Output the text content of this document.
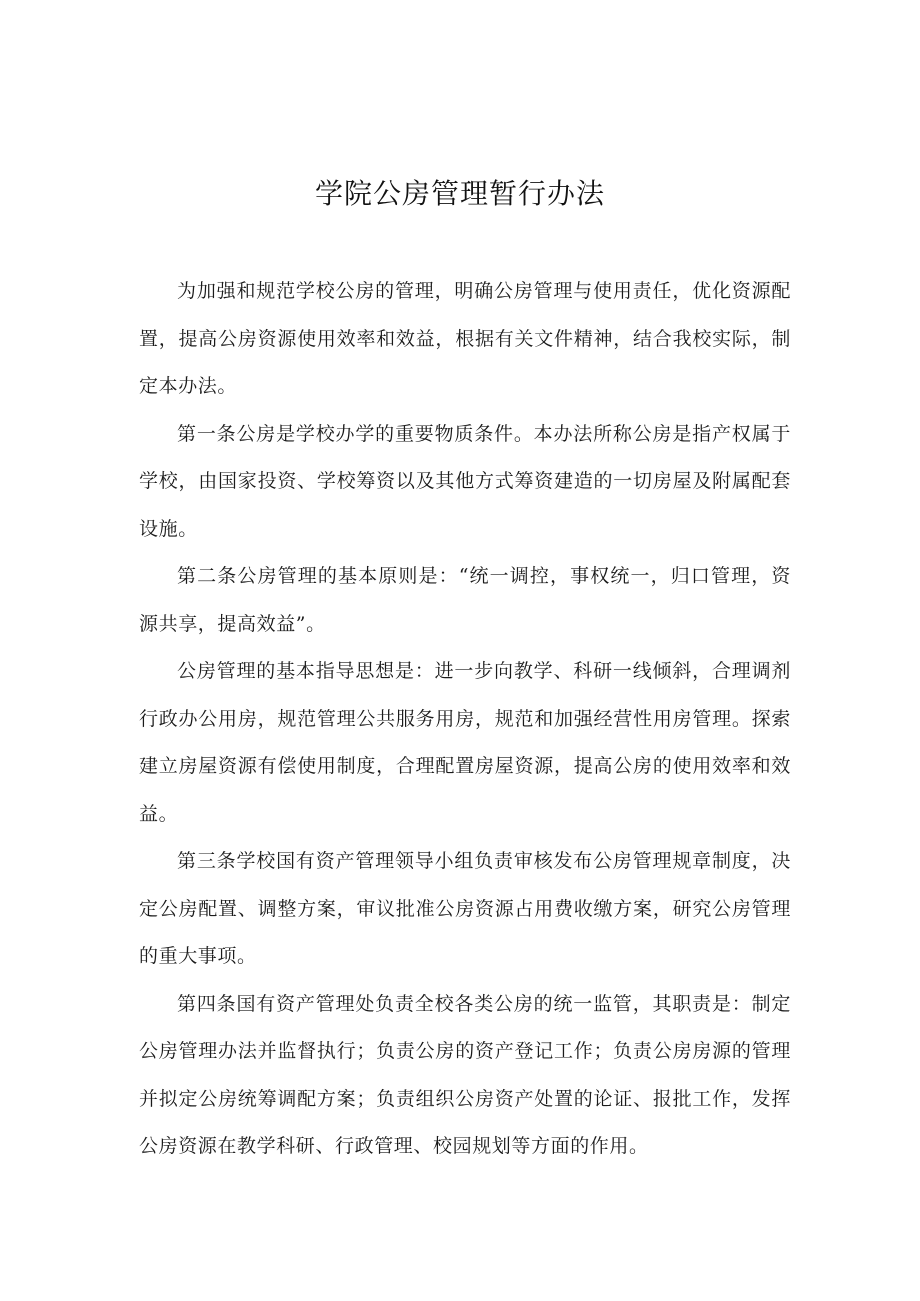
学院公房管理暂行办法

为加强和规范学校公房的管理，明确公房管理与使用责任，优化资源配置，提高公房资源使用效率和效益，根据有关文件精神，结合我校实际，制定本办法。

第一条公房是学校办学的重要物质条件。本办法所称公房是指产权属于学校，由国家投资、学校筹资以及其他方式筹资建造的一切房屋及附属配套设施。

第二条公房管理的基本原则是：“统一调控，事权统一，归口管理，资源共享，提高效益”。

公房管理的基本指导思想是：进一步向教学、科研一线倾斜，合理调剂行政办公用房，规范管理公共服务用房，规范和加强经营性用房管理。探索建立房屋资源有偿使用制度，合理配置房屋资源，提高公房的使用效率和效益。

第三条学校国有资产管理领导小组负责审核发布公房管理规章制度，决定公房配置、调整方案，审议批准公房资源占用费收缴方案，研究公房管理的重大事项。

第四条国有资产管理处负责全校各类公房的统一监管，其职责是：制定公房管理办法并监督执行；负责公房的资产登记工作；负责公房房源的管理并拟定公房统筹调配方案；负责组织公房资产处置的论证、报批工作，发挥公房资源在教学科研、行政管理、校园规划等方面的作用。
